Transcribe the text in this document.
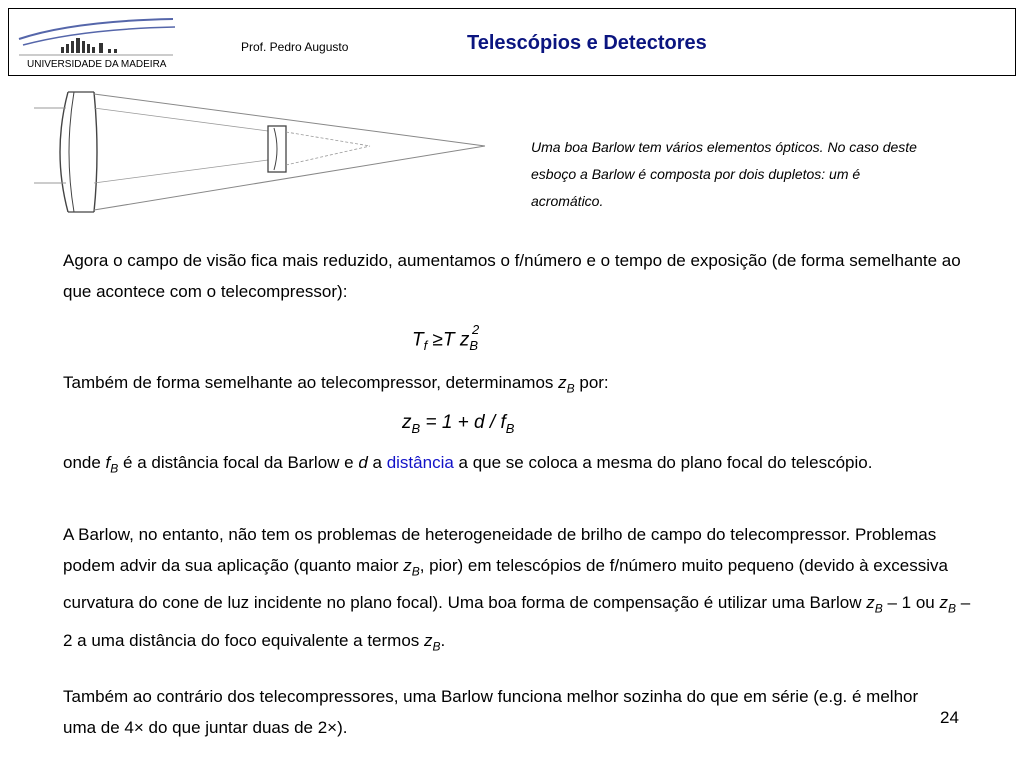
UNIVERSIDADE DA MADEIRA
Prof. Pedro Augusto	Telescópios e Detectores
Uma boa Barlow tem vários elementos ópticos. No caso deste esboço a Barlow é composta por dois dupletos: um é acromático.
Agora o campo de visão fica mais reduzido, aumentamos o f/número e o tempo de exposição (de forma semelhante ao que acontece com o telecompressor):
$T_f \ge T$ $z_B^2$
Também de forma semelhante ao telecompressor, determinamos $z_B$ por:
$z_B = 1 + d / f_B$
onde $f_B$ é a distância focal da Barlow e d a distância a que se coloca a mesma do plano focal do telescópio.
A Barlow, no entanto, não tem os problemas de heterogeneidade de brilho de campo do telecompressor. Problemas podem advir da sua aplicação (quanto maior $z_B$, pior) em telescópios de f/número muito pequeno (devido à excessiva curvatura do cone de luz incidente no plano focal). Uma boa forma de compensação é utilizar uma Barlow $z_B - 1$ ou $z_B - 2$ a uma distância do foco equivalente a termos $z_B$.
Também ao contrário dos telecompressores, uma Barlow funciona melhor sozinha do que em série (e.g. é melhor uma de 4× do que juntar duas de 2×).
24
